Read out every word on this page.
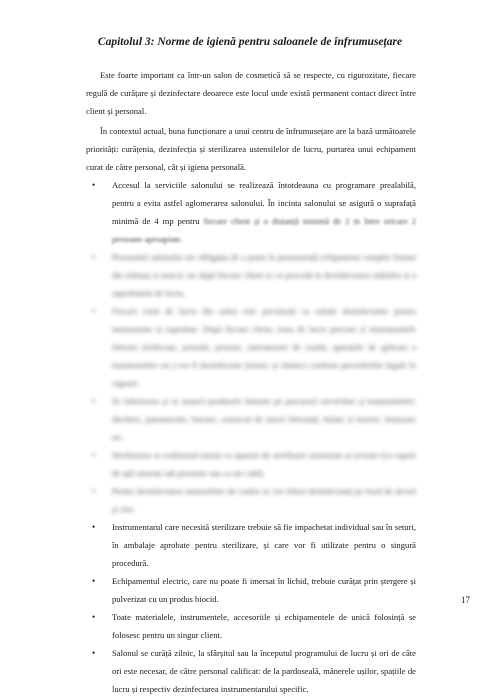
Capitolul 3: Norme de igienă pentru saloanele de înfrumusețare

Este foarte important ca într-un salon de cosmetică să se respecte, cu rigurozitate, fiecare regulă de curățare și dezinfectare deoarece este locul unde există permanent contact direct între client și personal.

În contextul actual, buna funcționare a unui centru de înfrumusețare are la bază următoarele priorități: curățenia, dezinfecția și sterilizarea ustensilelor de lucru, purtarea unui echipament curat de către personal, cât și igiena personală.

• Accesul la serviciile salonului se realizează întotdeauna cu programare prealabilă, pentru a evita astfel aglomerarea salonului. În incinta salonului se asigură o suprafață minimă de 4 mp pentru fiecare client și o distanță minimă de 2 m între oricare 2 persoane aproapiate.
• Personalul salonului are obligația de a purta în permanență echipament complet format din mănuși și mască, iar după fiecare client se va proceda la dezinfectarea mâinilor și a suprafețelor de lucru.
• Fiecare zonă de lucru din salon este prevăzută cu soluții dezinfectante pentru instrumente și suprafețe. După fiecare client, zona de lucru precum și instrumentele folosite (forfecuțe, pensule, pensete, instrumente de coafat, aparatele de aplicare a tratamentelor etc.) vor fi dezinfectate (termic și chimic) conform prevederilor legale în vigoare.
• Se lubrizeaza și se aruncă produsele folosite pe parcursul serviciilor și tratamentelor: dischete, pansamente, bureței, consecul de unică folosință, halate și bonete, bețișoare etc.
• Sterilizarea se realizează numai cu aparate de sterilizare autorizate și avizate (cu vapori de apă saturați sub presiune sau cu aer cald).
• Pentru dezinfectarea ustensilelor de coafor se vor folosi dezinfectanți pe bază de alcool și clor.
• Instrumentarul care necesită sterilizare trebuie să fie impachetat individual sau în seturi, în ambalaje aprobate pentru sterilizare, și care vor fi utilizate pentru o singură procedură.
• Echipamentul electric, care nu poate fi imersat în lichid, trebuie curățat prin ștergere și pulverizat cu un produs biocid.
• Toate materialele, instrumentele, accesoriile și echipamentele de unică folosință se folosesc pentru un singur client.
• Salonul se curăță zilnic, la sfârșitul sau la începutul programului de lucru și ori de câte ori este necesar, de către personal calificat: de la pardoseală, mânerele ușilor, spațiile de lucru și respectiv dezinfectarea instrumentarului specific.
17
